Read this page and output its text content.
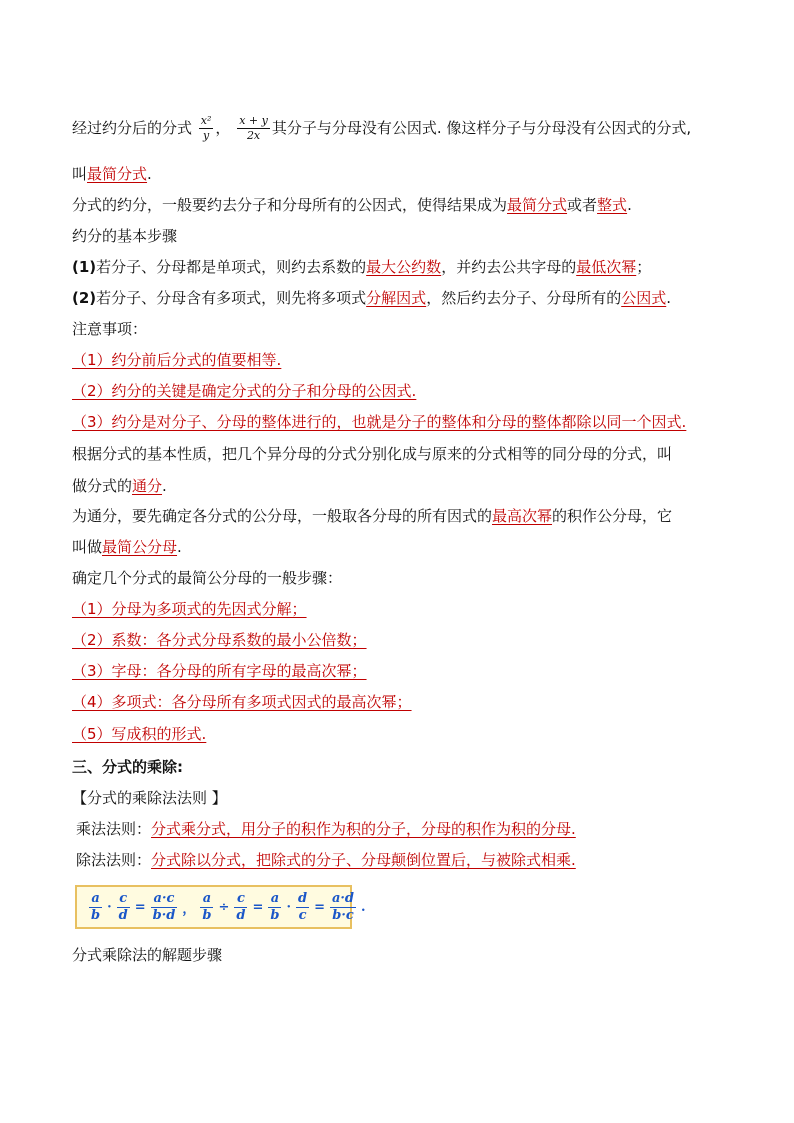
经过约分后的分式 $\frac{\text{x²}}{y}$ ， $\frac{x + y}{2x}$ 其分子与分母没有公因式. 像这样分子与分母没有公因式的分式,
叫最简分式.
分式的约分，一般要约去分子和分母所有的公因式，使得结果成为最简分式或者整式.
约分的基本步骤
(1)若分子、分母都是单项式，则约去系数的最大公约数，并约去公共字母的最低次幂；
(2)若分子、分母含有多项式，则先将多项式分解因式，然后约去分子、分母所有的公因式.
注意事项：
（1）约分前后分式的值要相等.
（2）约分的关键是确定分式的分子和分母的公因式.
（3）约分是对分子、分母的整体进行的，也就是分子的整体和分母的整体都除以同一个因式.
根据分式的基本性质，把几个异分母的分式分别化成与原来的分式相等的同分母的分式，叫
做分式的通分.
为通分，要先确定各分式的公分母，一般取各分母的所有因式的最高次幂的积作公分母，它
叫做最简公分母.
确定几个分式的最简公分母的一般步骤：
（1）分母为多项式的先因式分解；
（2）系数：各分式分母系数的最小公倍数；
（3）字母：各分母的所有字母的最高次幂；
（4）多项式：各分母所有多项式因式的最高次幂；
（5）写成积的形式.
三、分式的乘除:
【分式的乘除法法则 】
乘法法则：分式乘分式，用分子的积作为积的分子，分母的积作为积的分母.
除法法则：分式除以分式，把除式的分子、分母颠倒位置后，与被除式相乘.
$\frac{a}{b} \cdot \frac{c}{d} = \frac{a\cdot c}{b\cdot d}$ ， $\frac{a}{b} \div \frac{c}{d} = \frac{a}{b} \cdot \frac{d}{c} = \frac{a\cdot d}{b\cdot c}$ .
分式乘除法的解题步骤
